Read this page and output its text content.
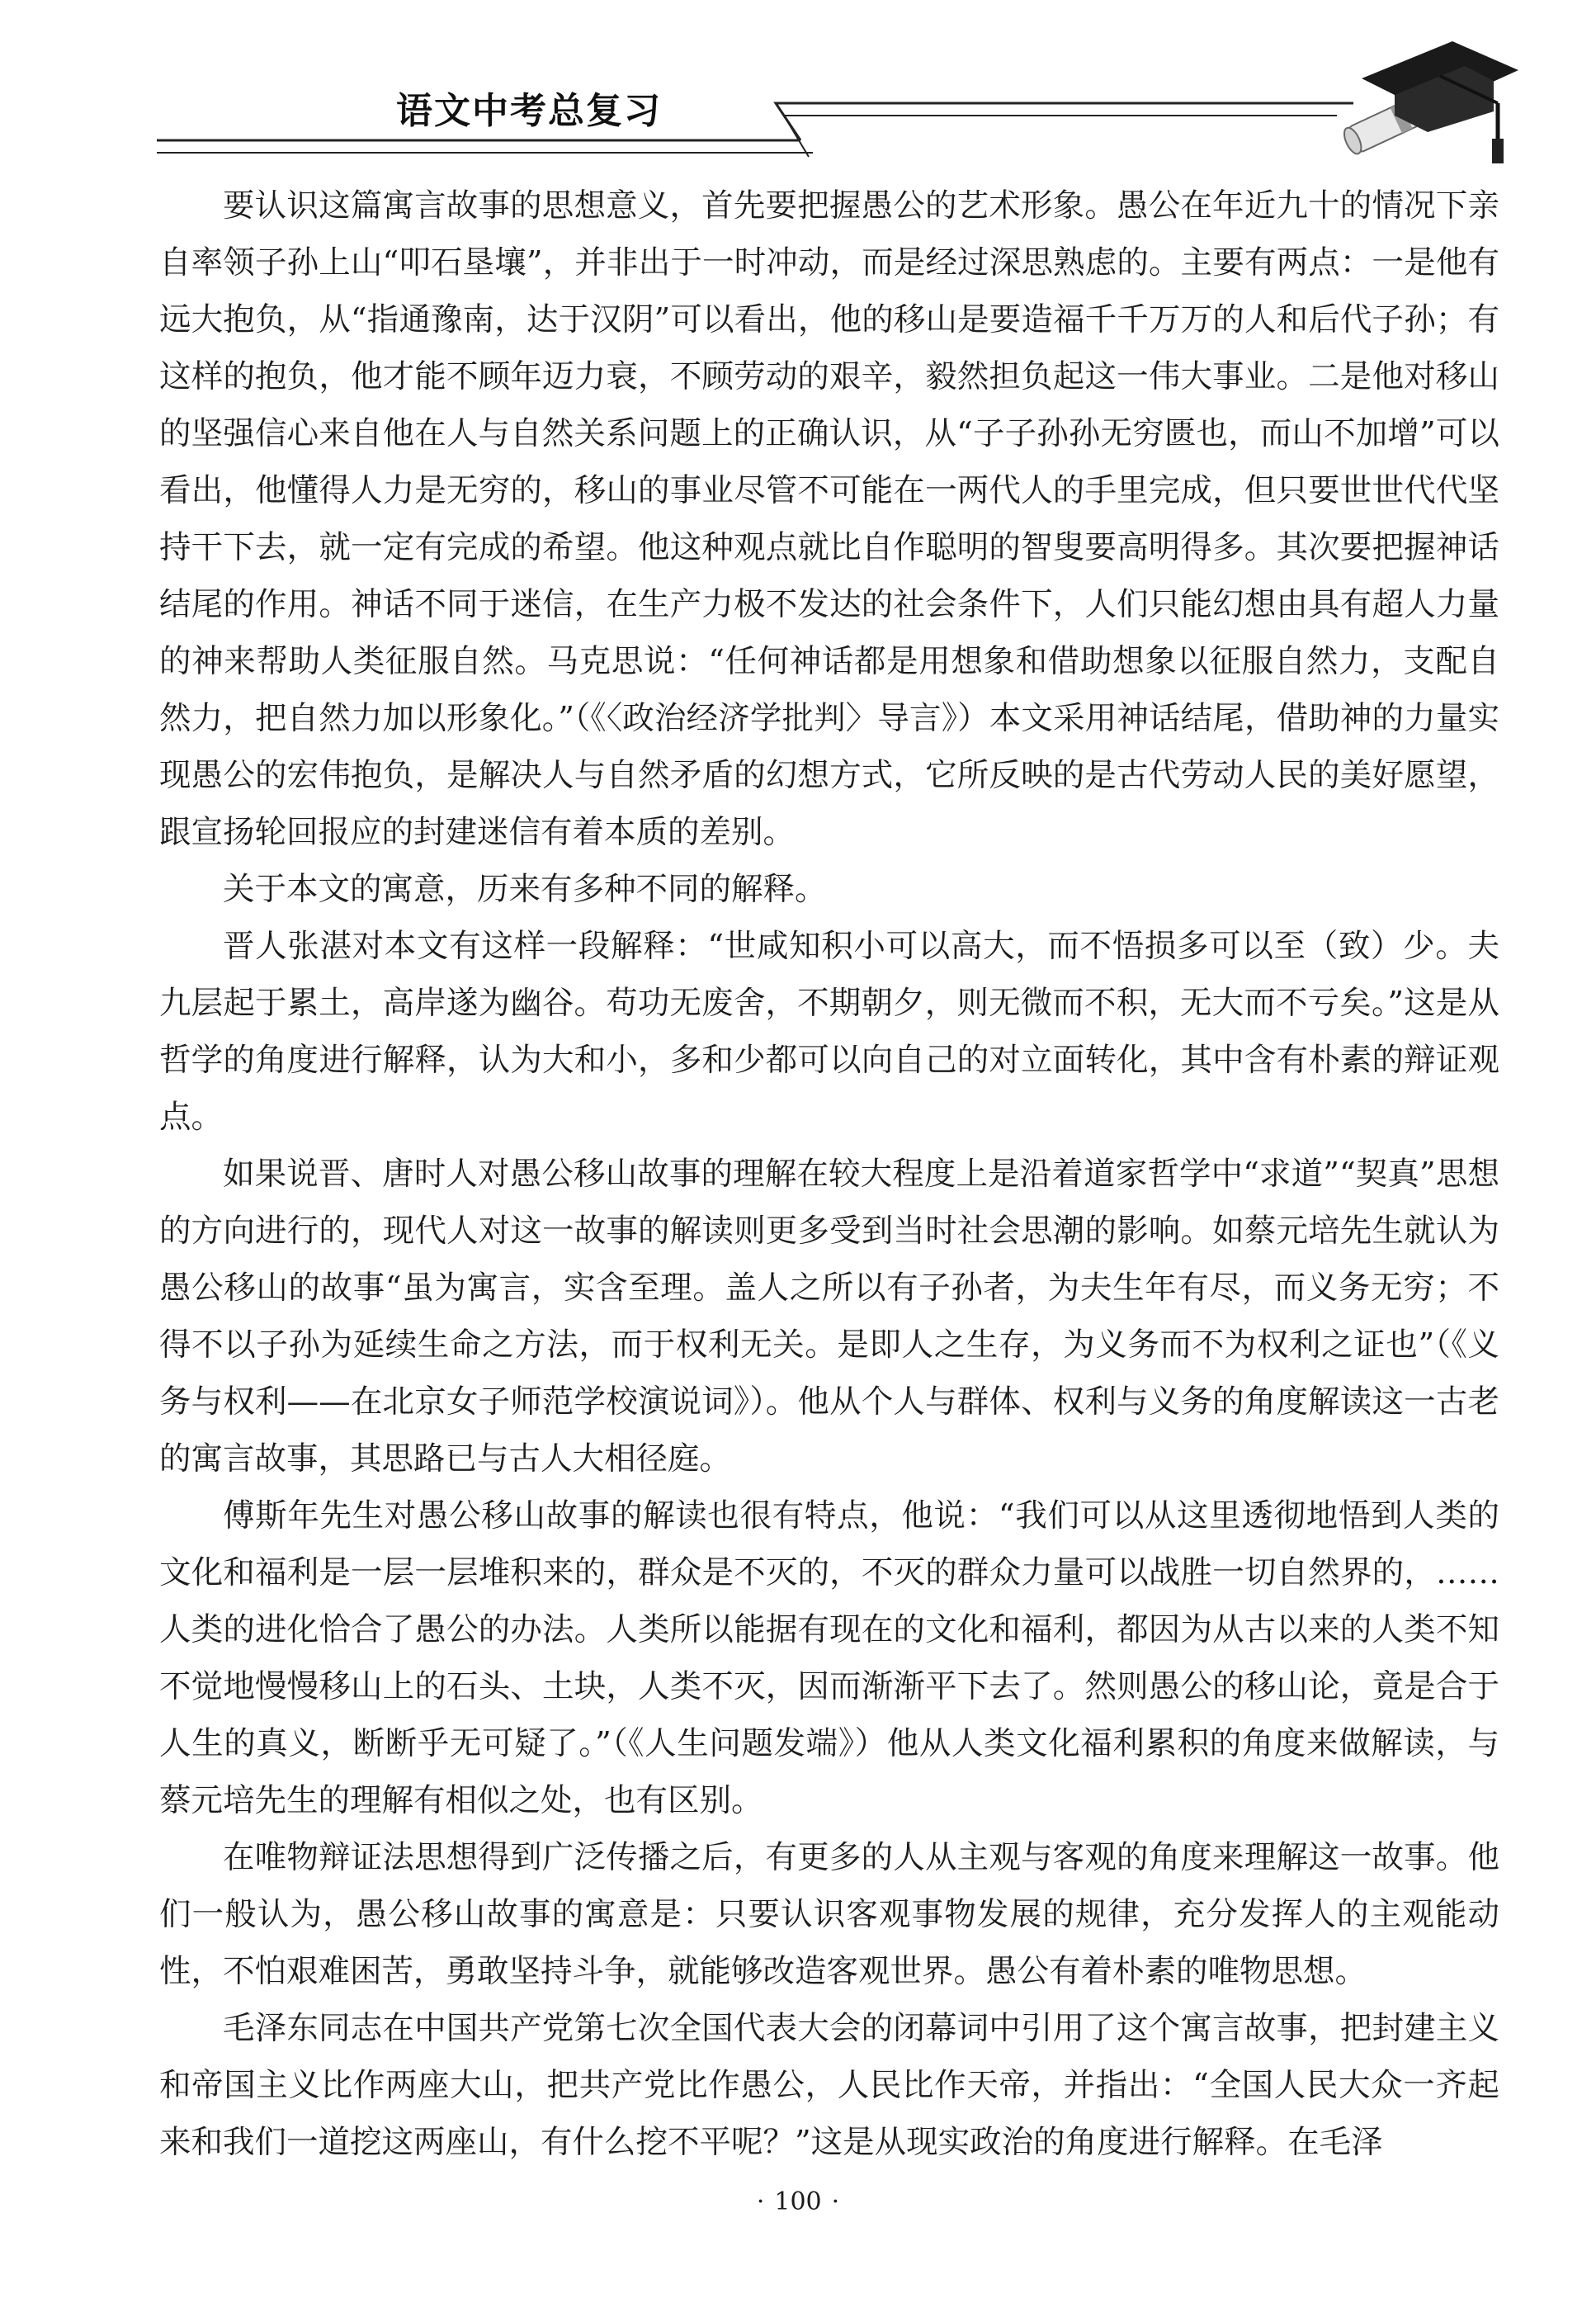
语文中考总复习

要认识这篇寓言故事的思想意义，首先要把握愚公的艺术形象。愚公在年近九十的情况下亲自率领子孙上山“叩石垦壤”，并非出于一时冲动，而是经过深思熟虑的。主要有两点：一是他有远大抱负，从“指通豫南，达于汉阴”可以看出，他的移山是要造福千千万万的人和后代子孙；有这样的抱负，他才能不顾年迈力衰，不顾劳动的艰辛，毅然担负起这一伟大事业。二是他对移山的坚强信心来自他在人与自然关系问题上的正确认识，从“子子孙孙无穷匮也，而山不加增”可以看出，他懂得人力是无穷的，移山的事业尽管不可能在一两代人的手里完成，但只要世世代代坚持干下去，就一定有完成的希望。他这种观点就比自作聪明的智叟要高明得多。其次要把握神话结尾的作用。神话不同于迷信，在生产力极不发达的社会条件下，人们只能幻想由具有超人力量的神来帮助人类征服自然。马克思说：“任何神话都是用想象和借助想象以征服自然力，支配自然力，把自然力加以形象化。”（《〈政治经济学批判〉导言》）本文采用神话结尾，借助神的力量实现愚公的宏伟抱负，是解决人与自然矛盾的幻想方式，它所反映的是古代劳动人民的美好愿望，跟宣扬轮回报应的封建迷信有着本质的差别。

关于本文的寓意，历来有多种不同的解释。

晋人张湛对本文有这样一段解释：“世咸知积小可以高大，而不悟损多可以至（致）少。夫九层起于累土，高岸遂为幽谷。苟功无废舍，不期朝夕，则无微而不积，无大而不亏矣。”这是从哲学的角度进行解释，认为大和小，多和少都可以向自己的对立面转化，其中含有朴素的辩证观点。

如果说晋、唐时人对愚公移山故事的理解在较大程度上是沿着道家哲学中“求道”“契真”思想的方向进行的，现代人对这一故事的解读则更多受到当时社会思潮的影响。如蔡元培先生就认为愚公移山的故事“虽为寓言，实含至理。盖人之所以有子孙者，为夫生年有尽，而义务无穷；不得不以子孙为延续生命之方法，而于权利无关。是即人之生存，为义务而不为权利之证也”（《义务与权利——在北京女子师范学校演说词》）。他从个人与群体、权利与义务的角度解读这一古老的寓言故事，其思路已与古人大相径庭。

傅斯年先生对愚公移山故事的解读也很有特点，他说：“我们可以从这里透彻地悟到人类的文化和福利是一层一层堆积来的，群众是不灭的，不灭的群众力量可以战胜一切自然界的，……人类的进化恰合了愚公的办法。人类所以能据有现在的文化和福利，都因为从古以来的人类不知不觉地慢慢移山上的石头、土块，人类不灭，因而渐渐平下去了。然则愚公的移山论，竟是合于人生的真义，断断乎无可疑了。”（《人生问题发端》）他从人类文化福利累积的角度来做解读，与蔡元培先生的理解有相似之处，也有区别。

在唯物辩证法思想得到广泛传播之后，有更多的人从主观与客观的角度来理解这一故事。他们一般认为，愚公移山故事的寓意是：只要认识客观事物发展的规律，充分发挥人的主观能动性，不怕艰难困苦，勇敢坚持斗争，就能够改造客观世界。愚公有着朴素的唯物思想。

毛泽东同志在中国共产党第七次全国代表大会的闭幕词中引用了这个寓言故事，把封建主义和帝国主义比作两座大山，把共产党比作愚公，人民比作天帝，并指出：“全国人民大众一齐起来和我们一道挖这两座山，有什么挖不平呢？”这是从现实政治的角度进行解释。在毛泽

· 100 ·
